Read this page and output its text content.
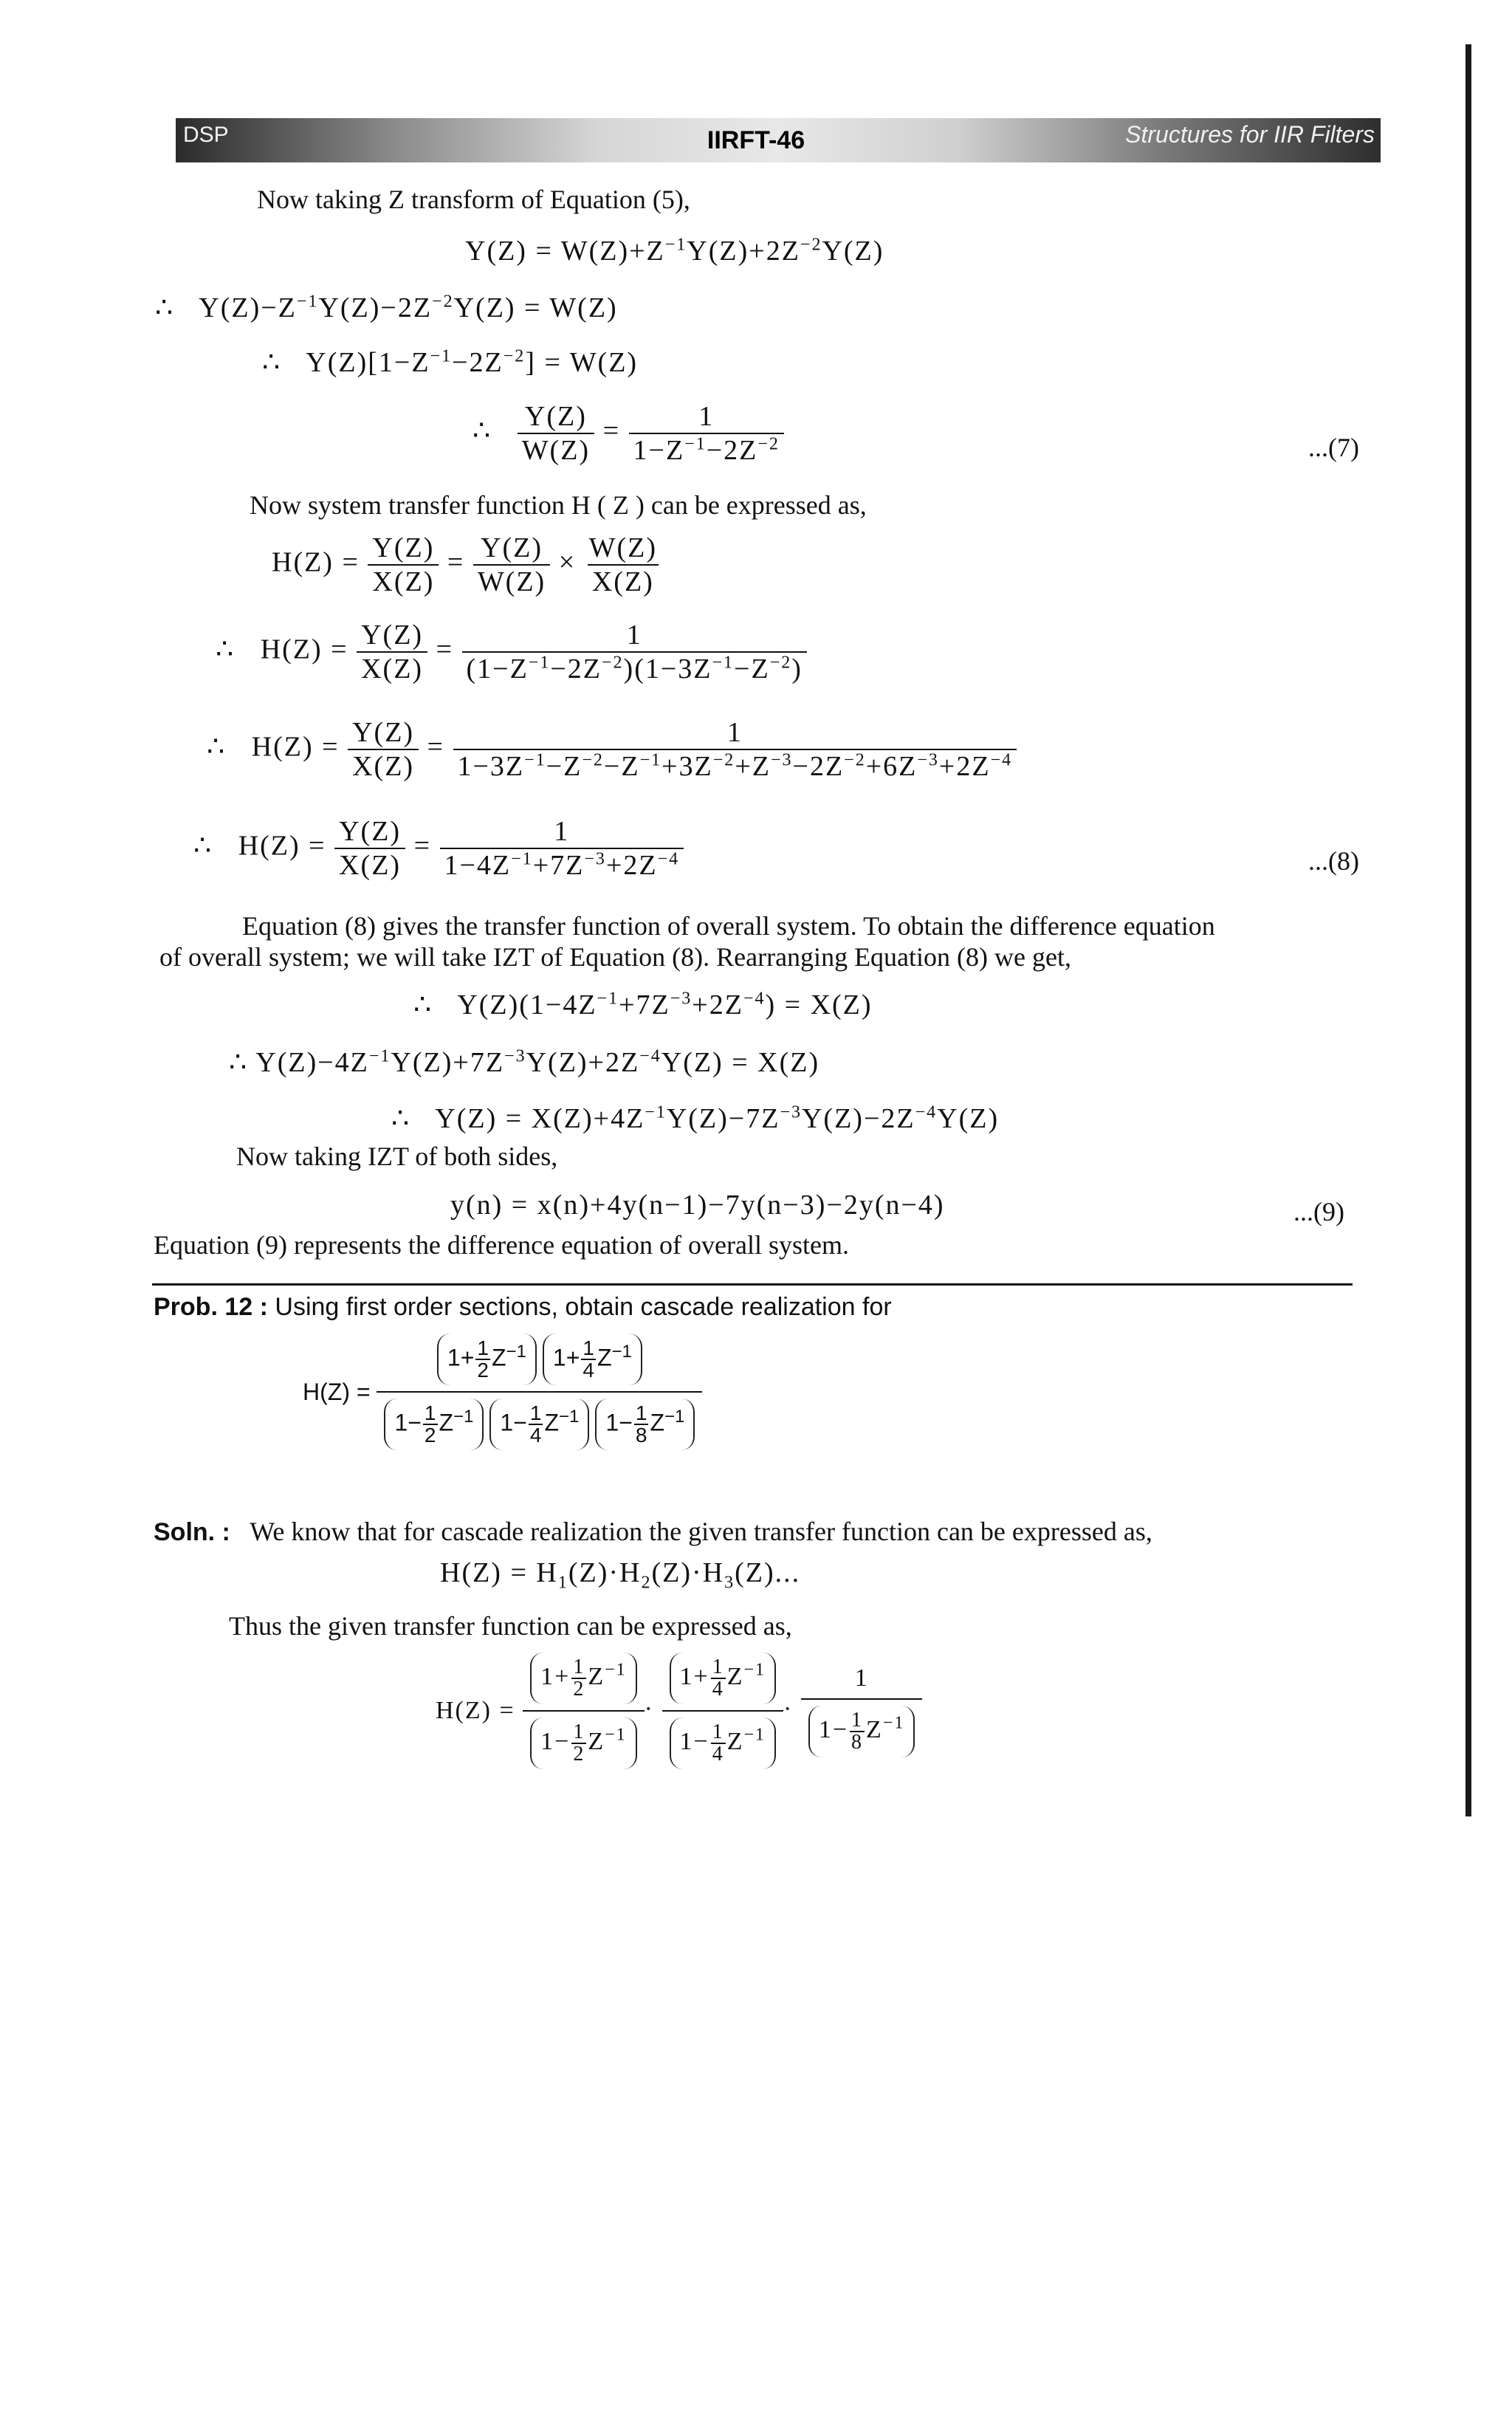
DSP	IIRFT-46	Structures for IIR Filters
Now taking Z transform of Equation (5),
$Y(Z) = W(Z)+Z^{-1}Y(Z)+2Z^{-2}Y(Z)$
∴   $Y(Z)-Z^{-1}Y(Z)-2Z^{-2}Y(Z) = W(Z)$
∴   $Y(Z)[1-Z^{-1}-2Z^{-2}] = W(Z)$
∴ $\frac{Y(Z)}{W(Z)} = \frac{1}{1-Z^{-1}-2Z^{-2}}$	...(7)
Now system transfer function H ( Z ) can be expressed as,
$H(Z) = \frac{Y(Z)}{X(Z)} = \frac{Y(Z)}{W(Z)} \times \frac{W(Z)}{X(Z)}$
∴   $H(Z) = \frac{Y(Z)}{X(Z)} = \frac{1}{(1-Z^{-1}-2Z^{-2})(1-3Z^{-1}-Z^{-2})}$
∴   $H(Z) = \frac{Y(Z)}{X(Z)} = \frac{1}{1-3Z^{-1}-Z^{-2}-Z^{-1}+3Z^{-2}+Z^{-3}-2Z^{-2}+6Z^{-3}+2Z^{-4}}$
∴   $H(Z) = \frac{Y(Z)}{X(Z)} = \frac{1}{1-4Z^{-1}+7Z^{-3}+2Z^{-4}}$	...(8)
Equation (8) gives the transfer function of overall system. To obtain the difference equation
of overall system; we will take IZT of Equation (8). Rearranging Equation (8) we get,
∴   $Y(Z)(1-4Z^{-1}+7Z^{-3}+2Z^{-4}) = X(Z)$
∴ $Y(Z)-4Z^{-1}Y(Z)+7Z^{-3}Y(Z)+2Z^{-4}Y(Z) = X(Z)$
∴   $Y(Z) = X(Z)+4Z^{-1}Y(Z)-7Z^{-3}Y(Z)-2Z^{-4}Y(Z)$
Now taking IZT of both sides,
y(n) = x(n)+4y(n−1)−7y(n−3)−2y(n−4)	...(9)
Equation (9) represents the difference equation of overall system.
Prob. 12 : Using first order sections, obtain cascade realization for
$H(Z) = \frac{1+ \frac{1}{2} Z^{-1} 1+ \frac{1}{4} Z^{-1}}{1- \frac{1}{2} Z^{-1} 1- \frac{1}{4} Z^{-1} 1- \frac{1}{8} Z^{-1}}$
Soln. : We know that for cascade realization the given transfer function can be expressed as,
$H(Z) = H_1(Z)\cdot H_2(Z)\cdot H_3(Z)$...
Thus the given transfer function can be expressed as,
$H(Z) = \frac{1+ \frac{1}{2} Z^{-1}}{1- \frac{1}{2} Z^{-1}} \cdot \frac{1+ \frac{1}{4} Z^{-1}}{1- \frac{1}{4} Z^{-1}} \cdot \frac{1}{1- \frac{1}{8} Z^{-1}}$
